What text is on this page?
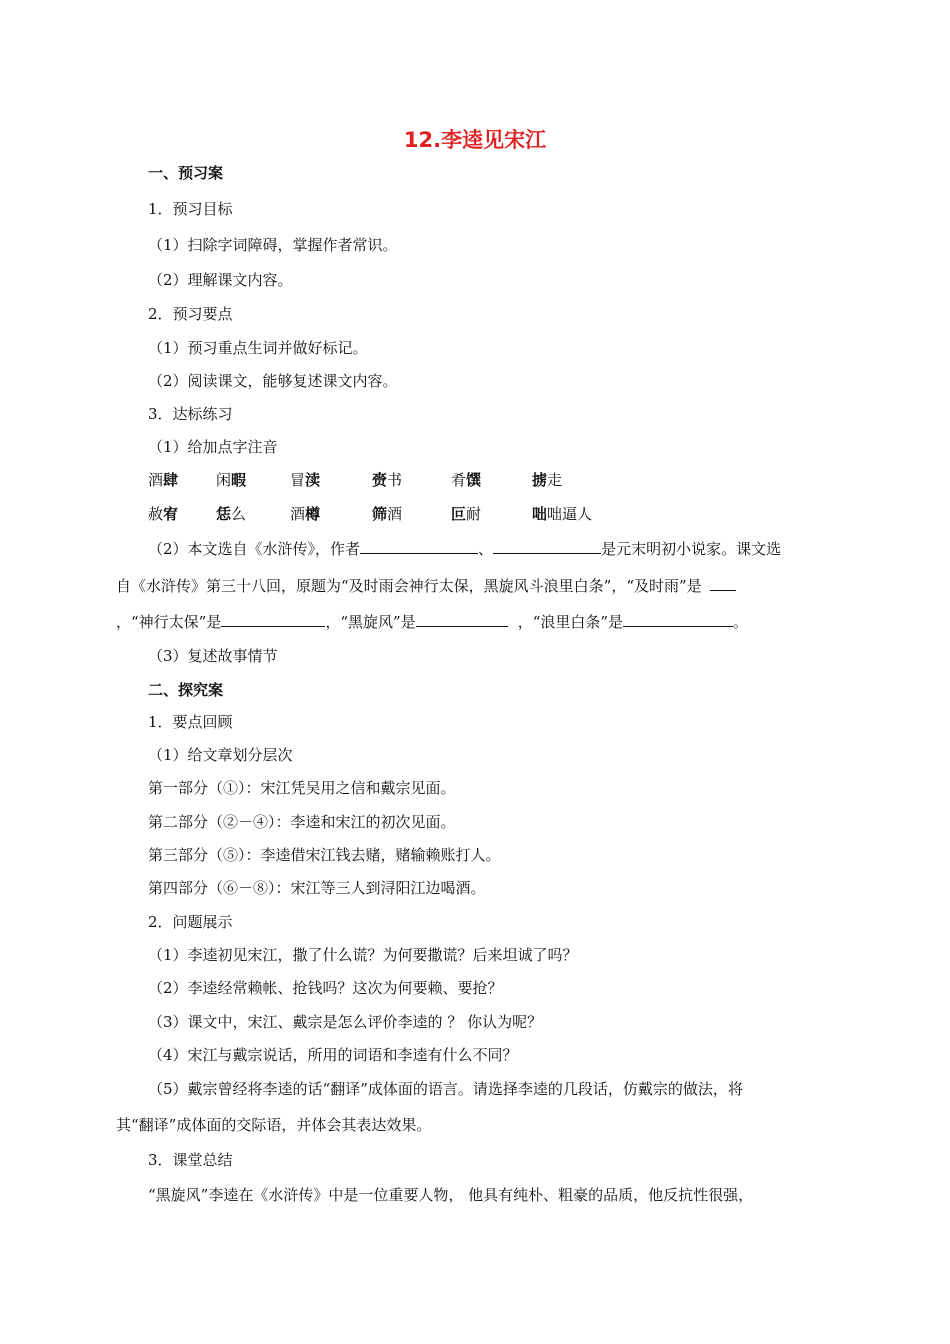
12.李逵见宋江
一、预习案
1．预习目标
（1）扫除字词障碍，掌握作者常识。
（2）理解课文内容。
2．预习要点
（1）预习重点生词并做好标记。
（2）阅读课文，能够复述课文内容。
3．达标练习
（1）给加点字注音
酒肆	闲暇	冒渎	赍书	肴馔	掳走
赦宥	恁么	酒樽	筛酒	叵耐	咄咄逼人
（2）本文选自《水浒传》，作者	、	是元末明初小说家。课文选
自《水浒传》第三十八回，原题为“及时雨会神行太保，黑旋风斗浪里白条”，“及时雨”是
，“神行太保”是	，“黑旋风”是	，“浪里白条”是	。
（3）复述故事情节
二、探究案
1．要点回顾
（1）给文章划分层次
第一部分（①）：宋江凭吴用之信和戴宗见面。
第二部分（②－④）：李逵和宋江的初次见面。
第三部分（⑤）：李逵借宋江钱去赌，赌输赖账打人。
第四部分（⑥－⑧）：宋江等三人到浔阳江边喝酒。
2．问题展示
（1）李逵初见宋江，撒了什么谎？为何要撒谎？后来坦诚了吗？
（2）李逵经常赖帐、抢钱吗？这次为何要赖、要抢？
（3）课文中，宋江、戴宗是怎么评价李逵的 ？ 你认为呢？
（4）宋江与戴宗说话，所用的词语和李逵有什么不同？
（5）戴宗曾经将李逵的话“翻译”成体面的语言。请选择李逵的几段话，仿戴宗的做法，将
其“翻译”成体面的交际语，并体会其表达效果。
3．课堂总结
“黑旋风”李逵在《水浒传》中是一位重要人物， 他具有纯朴、粗豪的品质，他反抗性很强，
